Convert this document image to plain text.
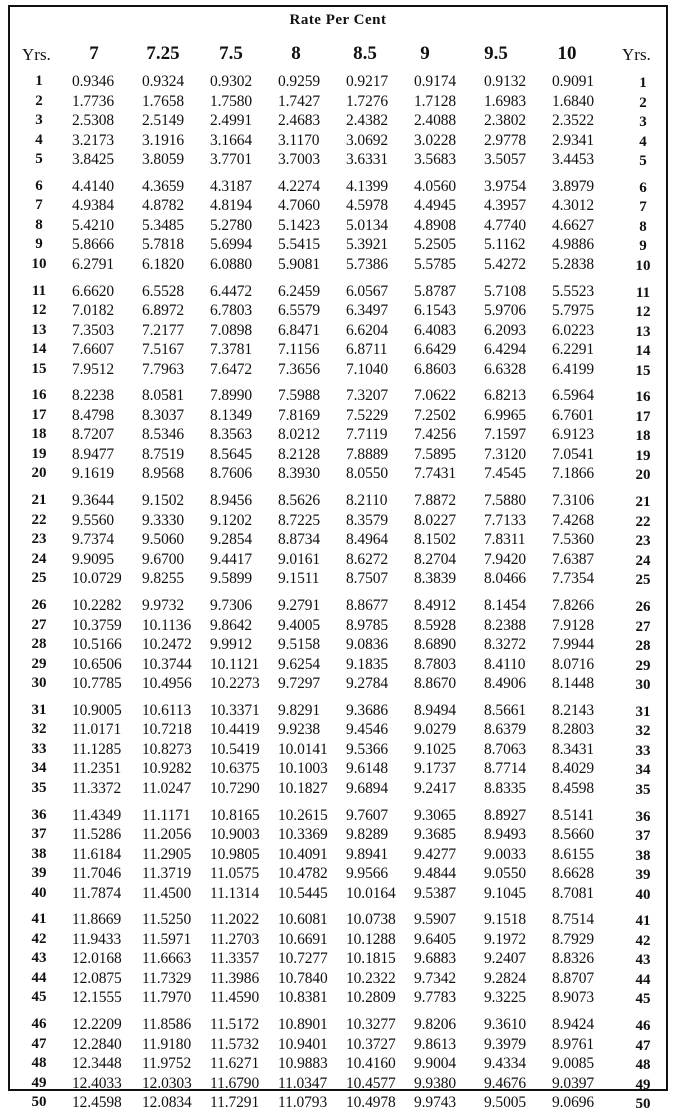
Rate Per Cent
Yrs.	7	7.25	7.5	8	8.5	9	9.5	10	Yrs.
1	0.9346 0.9324 0.9302 0.9259 0.9217 0.9174 0.9132 0.9091	1
2	1.7736 1.7658 1.7580 1.7427 1.7276 1.7128 1.6983 1.6840	2
3	2.5308 2.5149 2.4991 2.4683 2.4382 2.4088 2.3802 2.3522	3
4	3.2173 3.1916 3.1664 3.1170 3.0692 3.0228 2.9778 2.9341	4
5	3.8425 3.8059 3.7701 3.7003 3.6331 3.5683 3.5057 3.4453	5
6	4.4140 4.3659 4.3187 4.2274 4.1399 4.0560 3.9754 3.8979	6
7	4.9384 4.8782 4.8194 4.7060 4.5978 4.4945 4.3957 4.3012	7
8	5.4210 5.3485 5.2780 5.1423 5.0134 4.8908 4.7740 4.6627	8
9	5.8666 5.7818 5.6994 5.5415 5.3921 5.2505 5.1162 4.9886	9
10	6.2791 6.1820 6.0880 5.9081 5.7386 5.5785 5.4272 5.2838	10
11	6.6620 6.5528 6.4472 6.2459 6.0567 5.8787 5.7108 5.5523	11
12	7.0182 6.8972 6.7803 6.5579 6.3497 6.1543 5.9706 5.7975	12
13	7.3503 7.2177 7.0898 6.8471 6.6204 6.4083 6.2093 6.0223	13
14	7.6607 7.5167 7.3781 7.1156 6.8711 6.6429 6.4294 6.2291	14
15	7.9512 7.7963 7.6472 7.3656 7.1040 6.8603 6.6328 6.4199	15
16	8.2238 8.0581 7.8990 7.5988 7.3207 7.0622 6.8213 6.5964	16
17	8.4798 8.3037 8.1349 7.8169 7.5229 7.2502 6.9965 6.7601	17
18	8.7207 8.5346 8.3563 8.0212 7.7119 7.4256 7.1597 6.9123	18
19	8.9477 8.7519 8.5645 8.2128 7.8889 7.5895 7.3120 7.0541	19
20	9.1619 8.9568 8.7606 8.3930 8.0550 7.7431 7.4545 7.1866	20
21	9.3644 9.1502 8.9456 8.5626 8.2110 7.8872 7.5880 7.3106	21
22	9.5560 9.3330 9.1202 8.7225 8.3579 8.0227 7.7133 7.4268	22
23	9.7374 9.5060 9.2854 8.8734 8.4964 8.1502 7.8311 7.5360	23
24	9.9095 9.6700 9.4417 9.0161 8.6272 8.2704 7.9420 7.6387	24
25	10.0729 9.8255 9.5899 9.1511 8.7507 8.3839 8.0466 7.7354	25
26	10.2282 9.9732 9.7306 9.2791 8.8677 8.4912 8.1454 7.8266	26
27	10.3759 10.1136 9.8642 9.4005 8.9785 8.5928 8.2388 7.9128	27
28	10.5166 10.2472 9.9912 9.5158 9.0836 8.6890 8.3272 7.9944	28
29	10.6506 10.3744 10.1121 9.6254 9.1835 8.7803 8.4110 8.0716	29
30	10.7785 10.4956 10.2273 9.7297 9.2784 8.8670 8.4906 8.1448	30
31	10.9005 10.6113 10.3371 9.8291 9.3686 8.9494 8.5661 8.2143	31
32	11.0171 10.7218 10.4419 9.9238 9.4546 9.0279 8.6379 8.2803	32
33	11.1285 10.8273 10.5419 10.0141 9.5366 9.1025 8.7063 8.3431	33
34	11.2351 10.9282 10.6375 10.1003 9.6148 9.1737 8.7714 8.4029	34
35	11.3372 11.0247 10.7290 10.1827 9.6894 9.2417 8.8335 8.4598	35
36	11.4349 11.1171 10.8165 10.2615 9.7607 9.3065 8.8927 8.5141	36
37	11.5286 11.2056 10.9003 10.3369 9.8289 9.3685 8.9493 8.5660	37
38	11.6184 11.2905 10.9805 10.4091 9.8941 9.4277 9.0033 8.6155	38
39	11.7046 11.3719 11.0575 10.4782 9.9566 9.4844 9.0550 8.6628	39
40	11.7874 11.4500 11.1314 10.5445 10.0164 9.5387 9.1045 8.7081	40
41	11.8669 11.5250 11.2022 10.6081 10.0738 9.5907 9.1518 8.7514	41
42	11.9433 11.5971 11.2703 10.6691 10.1288 9.6405 9.1972 8.7929	42
43	12.0168 11.6663 11.3357 10.7277 10.1815 9.6883 9.2407 8.8326	43
44	12.0875 11.7329 11.3986 10.7840 10.2322 9.7342 9.2824 8.8707	44
45	12.1555 11.7970 11.4590 10.8381 10.2809 9.7783 9.3225 8.9073	45
46	12.2209 11.8586 11.5172 10.8901 10.3277 9.8206 9.3610 8.9424	46
47	12.2840 11.9180 11.5732 10.9401 10.3727 9.8613 9.3979 8.9761	47
48	12.3448 11.9752 11.6271 10.9883 10.4160 9.9004 9.4334 9.0085	48
49	12.4033 12.0303 11.6790 11.0347 10.4577 9.9380 9.4676 9.0397	49
50	12.4598 12.0834 11.7291 11.0793 10.4978 9.9743 9.5005 9.0696	50
